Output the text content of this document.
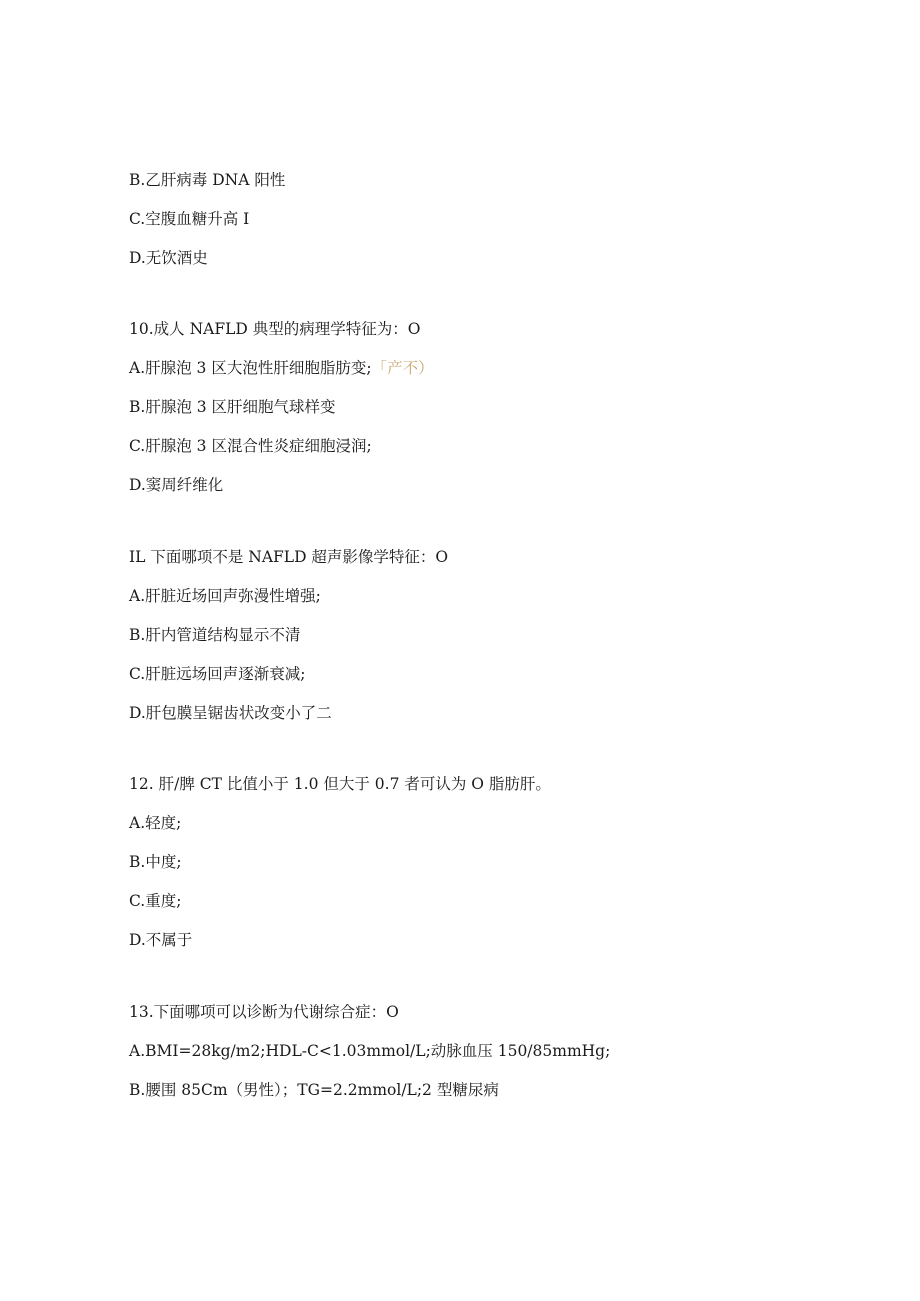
B.乙肝病毒 DNA 阳性
C.空腹血糖升高 I
D.无饮酒史
10.成人 NAFLD 典型的病理学特征为：O
A.肝腺泡 3 区大泡性肝细胞脂肪变;「产不）
B.肝腺泡 3 区肝细胞气球样变
C.肝腺泡 3 区混合性炎症细胞浸润;
D.窦周纤维化
IL 下面哪项不是 NAFLD 超声影像学特征：O
A.肝脏近场回声弥漫性增强;
B.肝内管道结构显示不清
C.肝脏远场回声逐渐衰减;
D.肝包膜呈锯齿状改变小了二
12. 肝/脾 CT 比值小于 1.0 但大于 0.7 者可认为 O 脂肪肝。
A.轻度;
B.中度;
C.重度;
D.不属于
13.下面哪项可以诊断为代谢综合症：O
A.BMI=28kg/m2;HDL-C<1.03mmol/L;动脉血压 150/85mmHg;
B.腰围 85Cm（男性）；TG=2.2mmol/L;2 型糖尿病
